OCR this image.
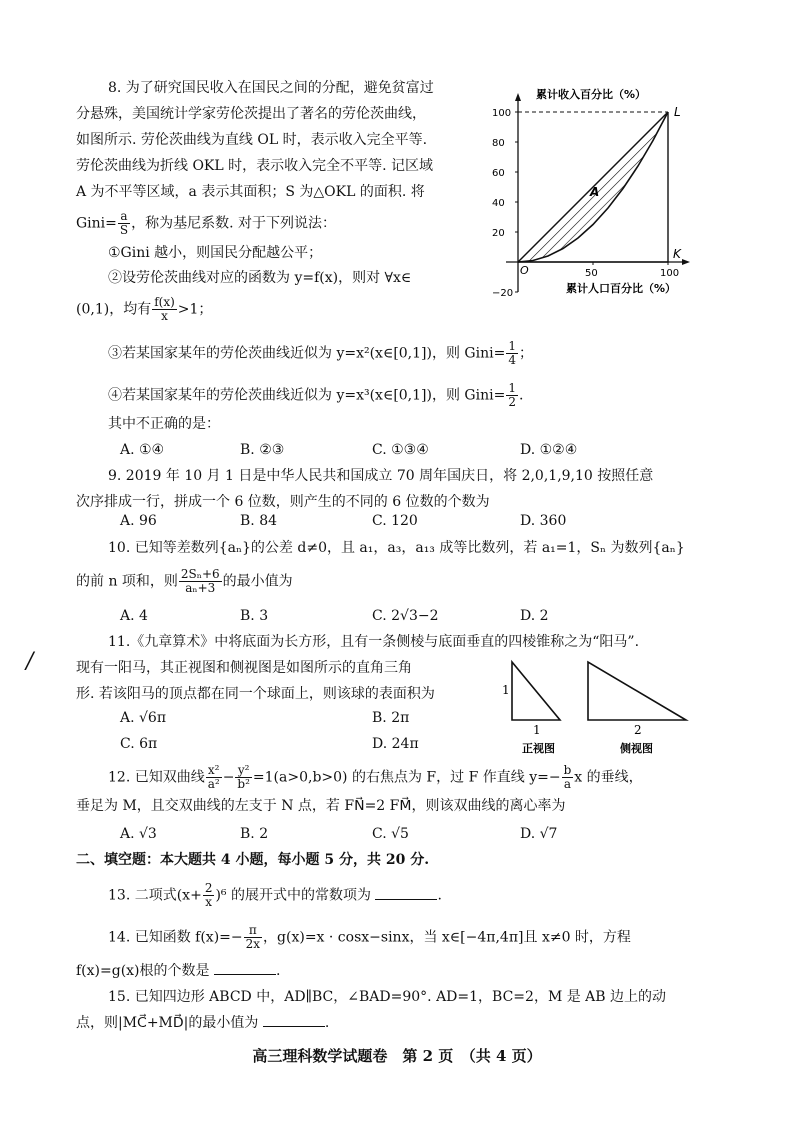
8. 为了研究国民收入在国民之间的分配，避免贫富过
分悬殊，美国统计学家劳伦茨提出了著名的劳伦茨曲线，
如图所示. 劳伦茨曲线为直线 OL 时，表示收入完全平等.
劳伦茨曲线为折线 OKL 时，表示收入完全不平等. 记区域
A 为不平等区域，a 表示其面积；S 为△OKL 的面积. 将
Gini= $\frac{a}{S}$ ，称为基尼系数. 对于下列说法：
①Gini 越小，则国民分配越公平；
②设劳伦茨曲线对应的函数为 y=f(x)，则对 ∀x∈
(0,1)，均有 $\frac{f(x)}{x} >1$；
③若某国家某年的劳伦茨曲线近似为 y=x²(x∈[0,1])，则 Gini= $\frac{1}{4}$ ；
④若某国家某年的劳伦茨曲线近似为 y=x³(x∈[0,1])，则 Gini= $\frac{1}{2}$ .
其中不正确的是：
A. ①④	B. ②③	C. ①③④	D. ①②④
累计收入百分比（%）
累计人口百分比（%）
100
80
60
40
20
−20
50	100
O
L
K
A
9. 2019 年 10 月 1 日是中华人民共和国成立 70 周年国庆日，将 2,0,1,9,10 按照任意
次序排成一行，拼成一个 6 位数，则产生的不同的 6 位数的个数为
A. 96	B. 84	C. 120	D. 360
10. 已知等差数列{aₙ}的公差 d≠0，且 a₁，a₃，a₁₃ 成等比数列，若 a₁=1，Sₙ 为数列{aₙ}
的前 n 项和，则 $\frac{\text{2Sₙ+6}}{\text{aₙ+3}}$ 的最小值为
A. 4	B. 3	C. 2√3−2	D. 2
11.《九章算术》中将底面为长方形，且有一条侧棱与底面垂直的四棱锥称之为“阳马”.
/	现有一阳马，其正视图和侧视图是如图所示的直角三角
形. 若该阳马的顶点都在同一个球面上，则该球的表面积为
A. √6π	B. 2π
C. 6π	D. 24π
1
1	2
正视图	侧视图
12. 已知双曲线 $\frac{\text{x²}}{\text{a²}} - \frac{\text{y²}}{\text{b²}} =1(a>0,b>0)$ 的右焦点为 F，过 F 作直线 $y=- \frac{b}{a}$ x 的垂线，
垂足为 M，且交双曲线的左支于 N 点，若 FN⃗=2 FM⃗，则该双曲线的离心率为
A. √3	B. 2	C. √5	D. √7
二、填空题：本大题共 4 小题，每小题 5 分，共 20 分.
13. 二项式$(x+ \frac{2}{x} )^6$ 的展开式中的常数项为	.
14. 已知函数 $f(x)=- \frac{\pi}{2x}$ ，g(x)=x · cosx−sinx，当 x∈[−4π,4π]且 x≠0 时，方程
f(x)=g(x)根的个数是	.
15. 已知四边形 ABCD 中，AD∥BC，∠BAD=90°. AD=1，BC=2，M 是 AB 边上的动
点，则|MC⃗+MD⃗|的最小值为	.
高三理科数学试题卷　第 2 页　（共 4 页）
